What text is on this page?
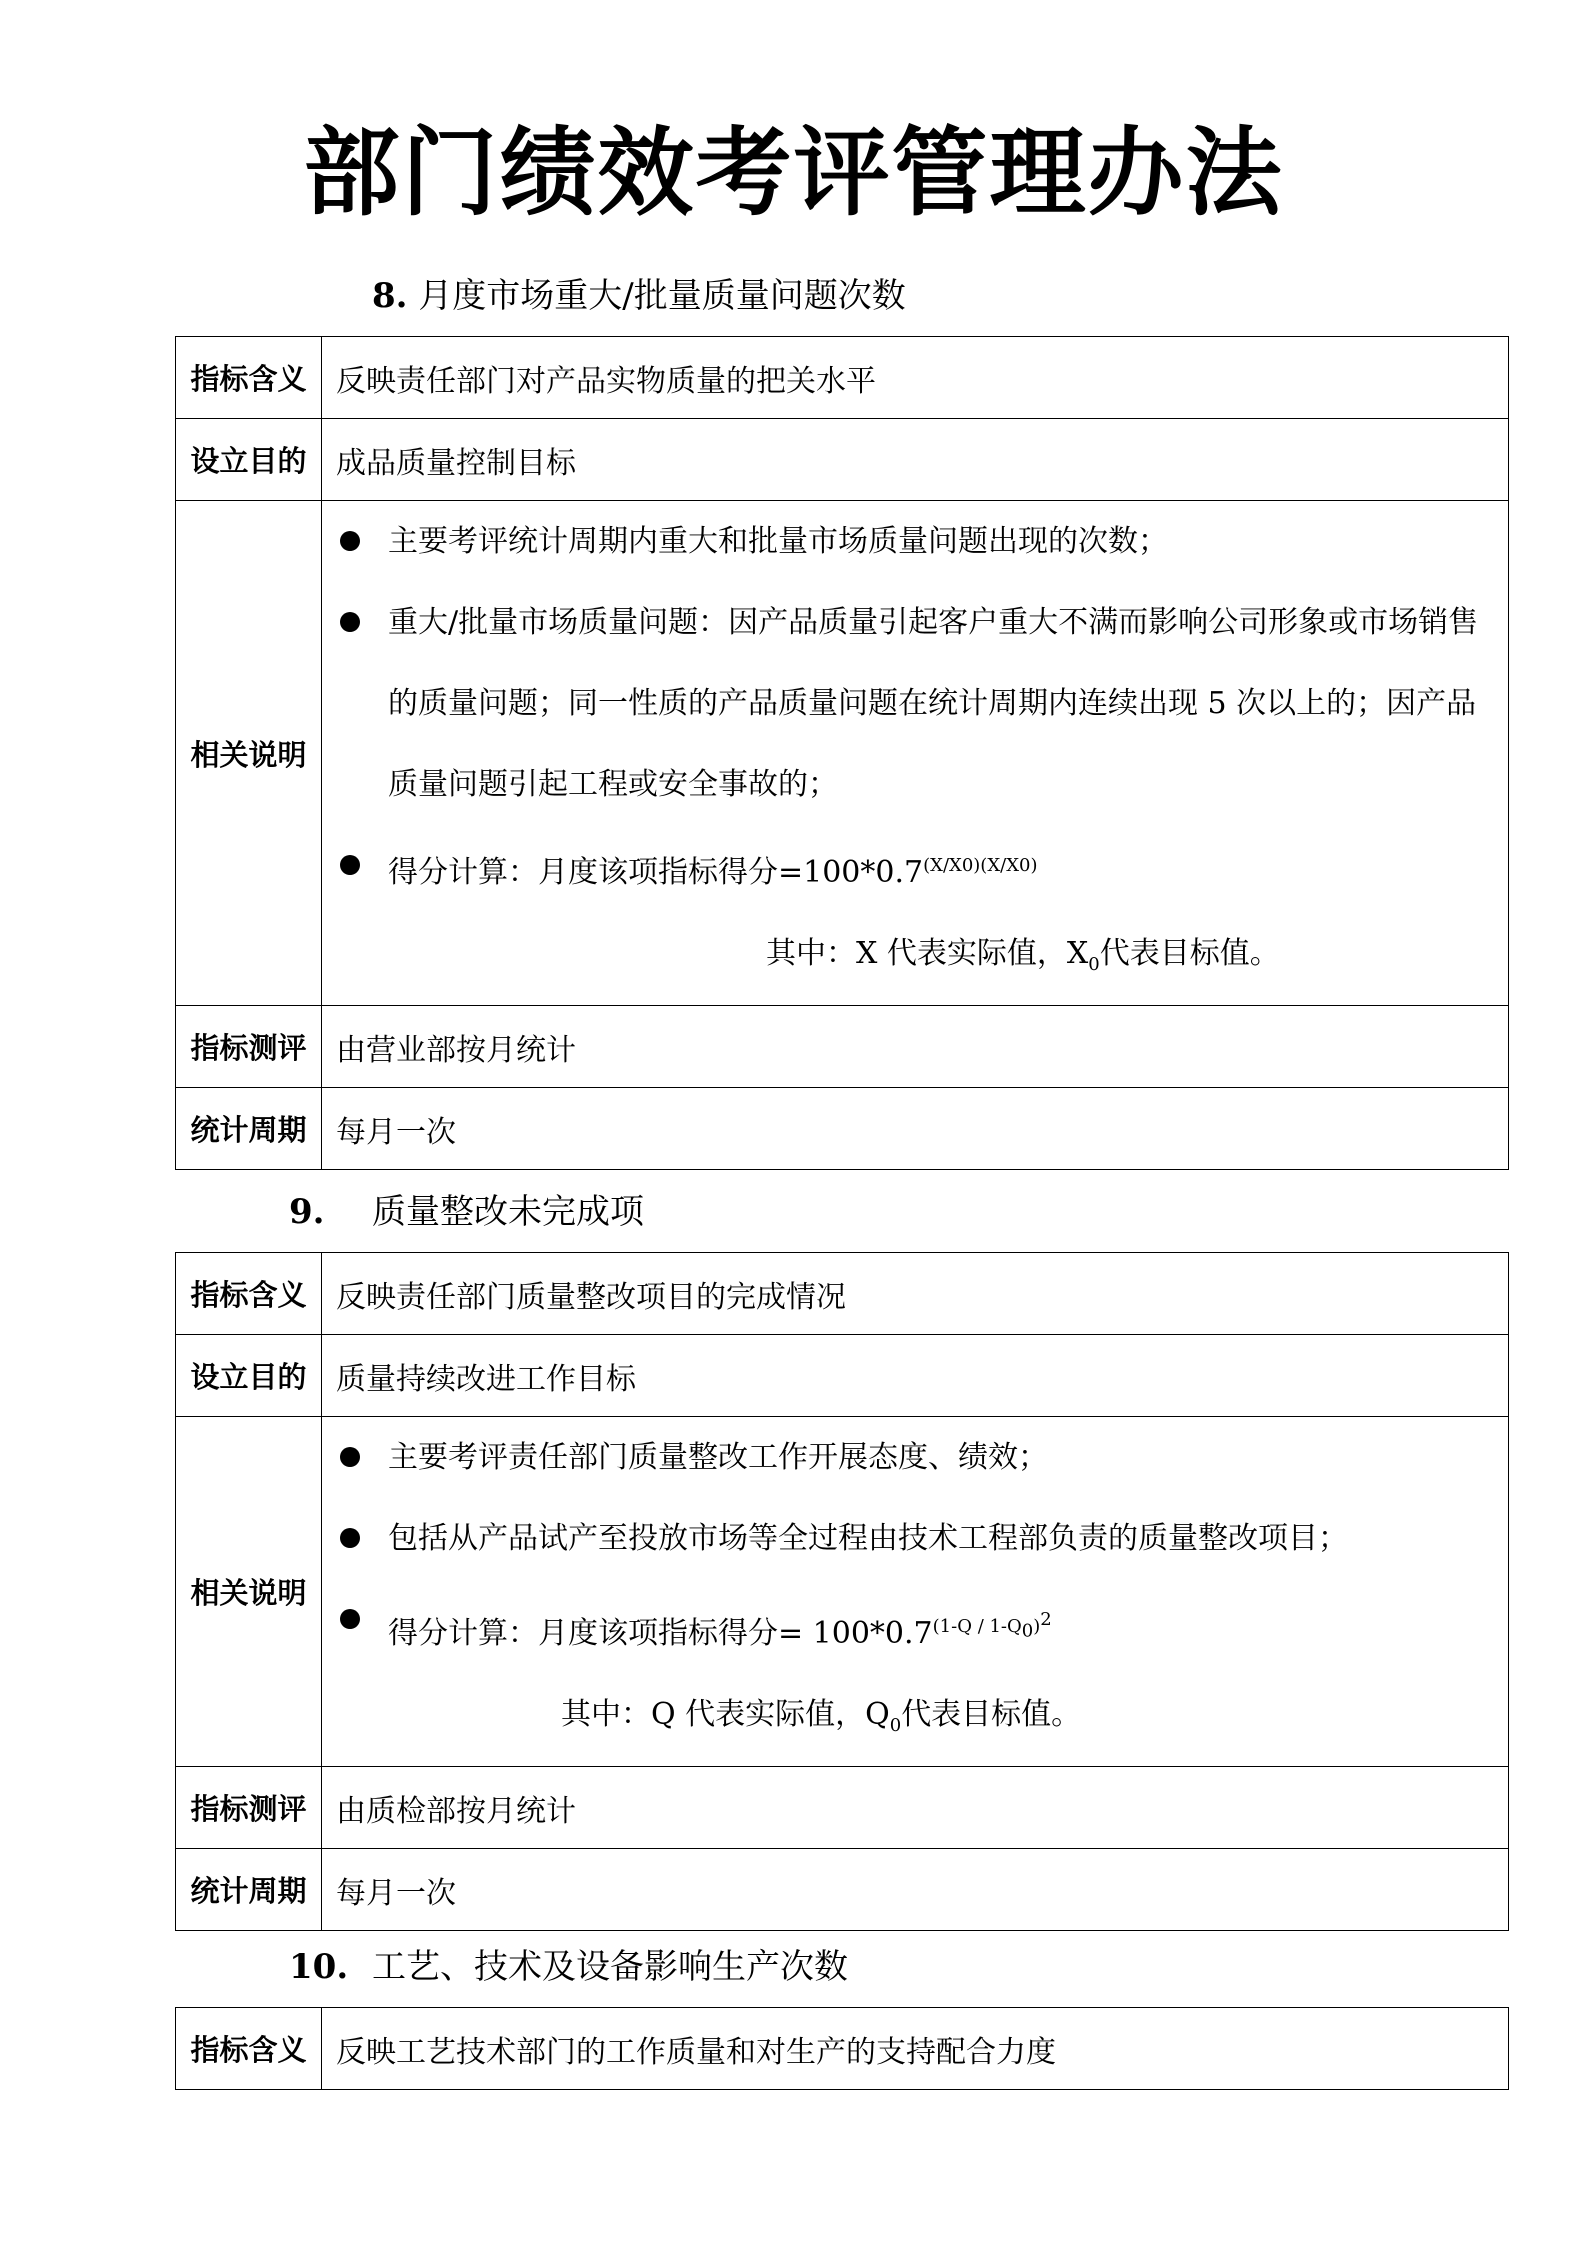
部门绩效考评管理办法
8. 月度市场重大/批量质量问题次数
指标含义	反映责任部门对产品实物质量的把关水平
设立目的	成品质量控制目标
相关说明	主要考评统计周期内重大和批量市场质量问题出现的次数；
重大/批量市场质量问题：因产品质量引起客户重大不满而影响公司形象或市场销售的质量问题；同一性质的产品质量问题在统计周期内连续出现 5 次以上的；因产品质量问题引起工程或安全事故的；
得分计算：月度该项指标得分$=100*0.7^{(X/X0)(X/X0)}$
其中：X 代表实际值，$X_0$代表目标值。

指标测评	由营业部按月统计
统计周期	每月一次
9. 质量整改未完成项
指标含义	反映责任部门质量整改项目的完成情况
设立目的	质量持续改进工作目标
相关说明	主要考评责任部门质量整改工作开展态度、绩效；
包括从产品试产至投放市场等全过程由技术工程部负责的质量整改项目；
得分计算：月度该项指标得分= $100*0.7^{(1-Q / 1-Q_0)^2}$
其中：Q 代表实际值，$Q_0$代表目标值。

指标测评	由质检部按月统计
统计周期	每月一次
10. 工艺、技术及设备影响生产次数
指标含义	反映工艺技术部门的工作质量和对生产的支持配合力度
